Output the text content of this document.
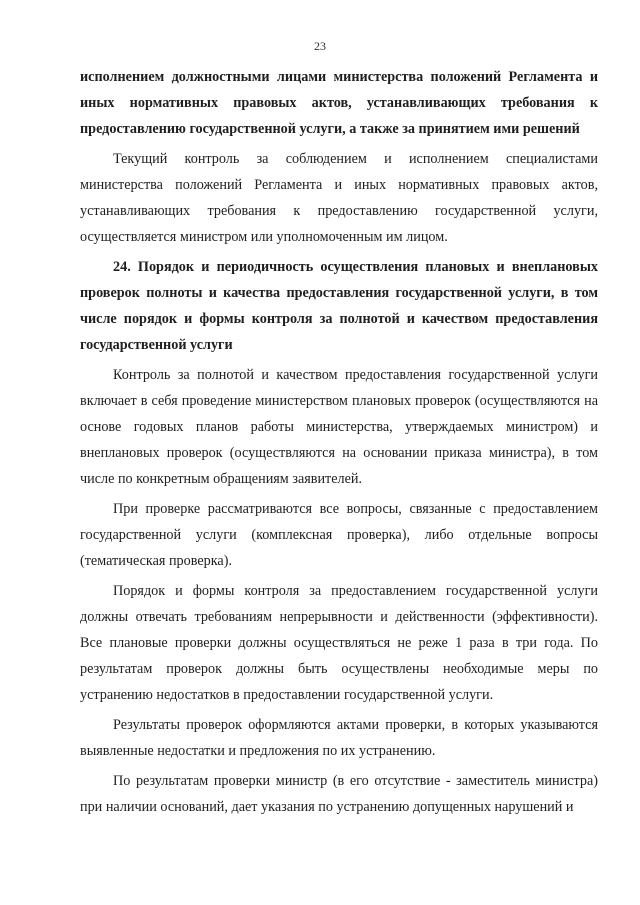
23

исполнением должностными лицами министерства положений Регламента и иных нормативных правовых актов, устанавливающих требования к предоставлению государственной услуги, а также за принятием ими решений

Текущий контроль за соблюдением и исполнением специалистами министерства положений Регламента и иных нормативных правовых актов, устанавливающих требования к предоставлению государственной услуги, осуществляется министром или уполномоченным им лицом.

24. Порядок и периодичность осуществления плановых и внеплановых проверок полноты и качества предоставления государственной услуги, в том числе порядок и формы контроля за полнотой и качеством предоставления государственной услуги

Контроль за полнотой и качеством предоставления государственной услуги включает в себя проведение министерством плановых проверок (осуществляются на основе годовых планов работы министерства, утверждаемых министром) и внеплановых проверок (осуществляются на основании приказа министра), в том числе по конкретным обращениям заявителей.

При проверке рассматриваются все вопросы, связанные с предоставлением государственной услуги (комплексная проверка), либо отдельные вопросы (тематическая проверка).

Порядок и формы контроля за предоставлением государственной услуги должны отвечать требованиям непрерывности и действенности (эффективности). Все плановые проверки должны осуществляться не реже 1 раза в три года. По результатам проверок должны быть осуществлены необходимые меры по устранению недостатков в предоставлении государственной услуги.

Результаты проверок оформляются актами проверки, в которых указываются выявленные недостатки и предложения по их устранению.

По результатам проверки министр (в его отсутствие - заместитель министра) при наличии оснований, дает указания по устранению допущенных нарушений и
